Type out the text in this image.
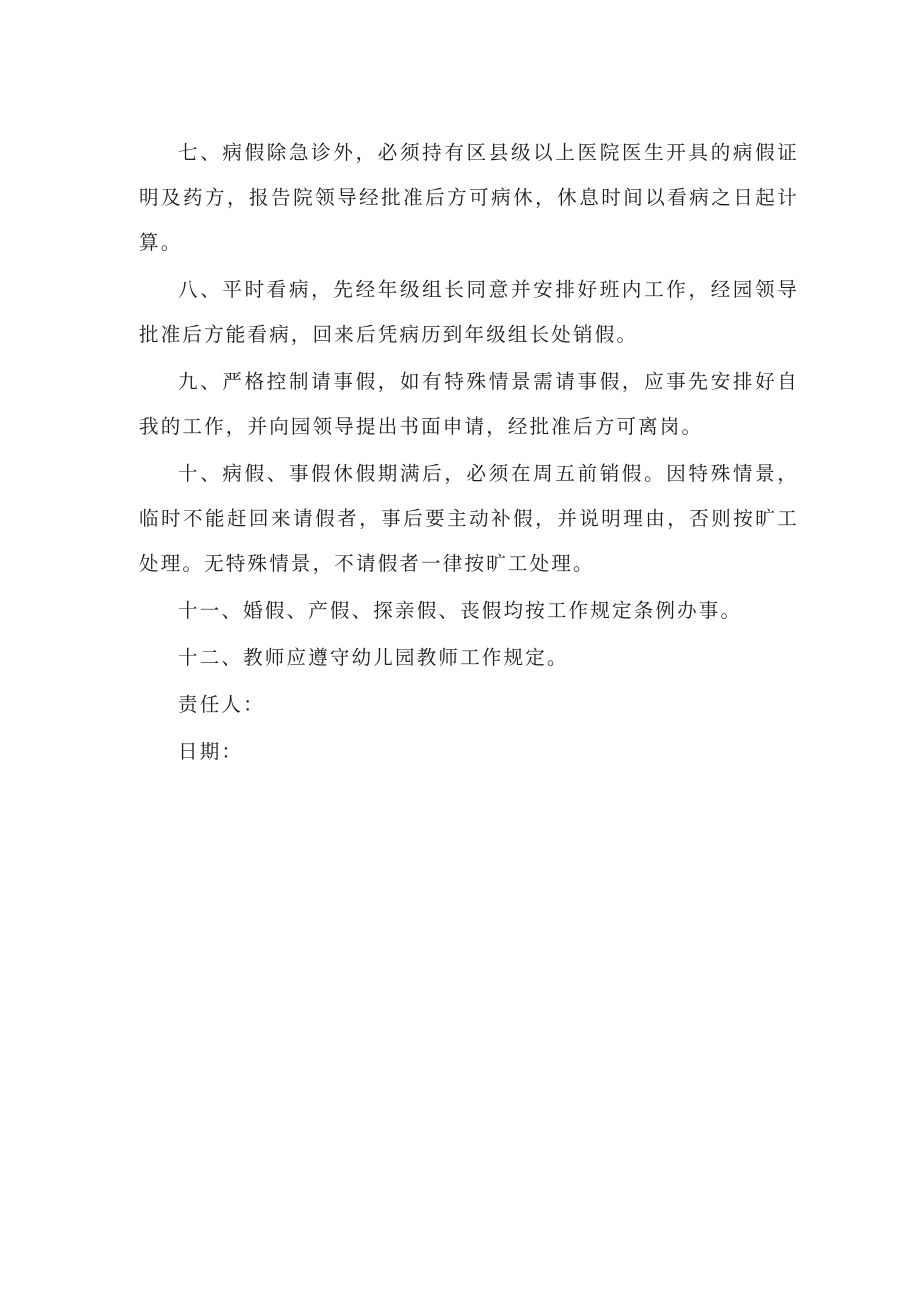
七、病假除急诊外，必须持有区县级以上医院医生开具的病假证明及药方，报告院领导经批准后方可病休，休息时间以看病之日起计算。

八、平时看病，先经年级组长同意并安排好班内工作，经园领导批准后方能看病，回来后凭病历到年级组长处销假。

九、严格控制请事假，如有特殊情景需请事假，应事先安排好自我的工作，并向园领导提出书面申请，经批准后方可离岗。

十、病假、事假休假期满后，必须在周五前销假。因特殊情景，临时不能赶回来请假者，事后要主动补假，并说明理由，否则按旷工处理。无特殊情景，不请假者一律按旷工处理。

十一、婚假、产假、探亲假、丧假均按工作规定条例办事。

十二、教师应遵守幼儿园教师工作规定。

责任人：

日期：
